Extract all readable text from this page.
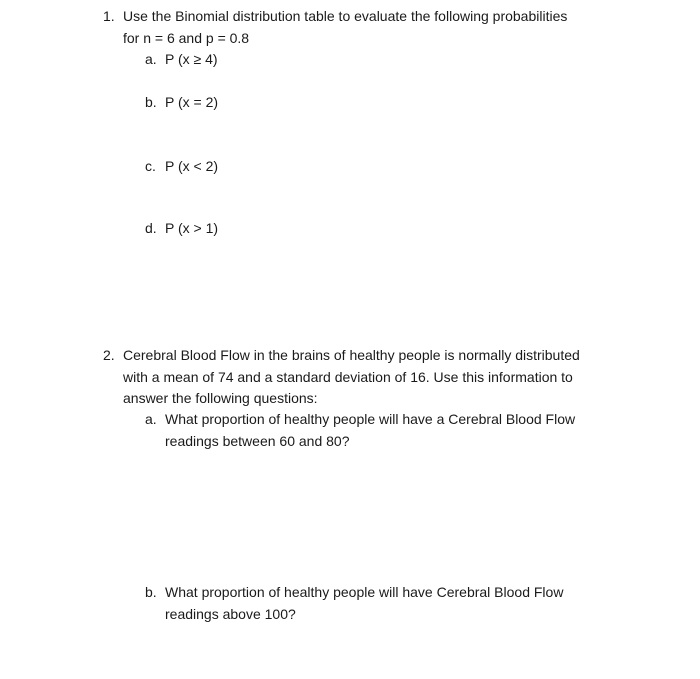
1. Use the Binomial distribution table to evaluate the following probabilities
for n = 6 and p = 0.8
a. P (x ≥ 4)
b. P (x = 2)
c. P (x < 2)
d. P (x > 1)
2. Cerebral Blood Flow in the brains of healthy people is normally distributed
with a mean of 74 and a standard deviation of 16. Use this information to
answer the following questions:
a. What proportion of healthy people will have a Cerebral Blood Flow
readings between 60 and 80?
b. What proportion of healthy people will have Cerebral Blood Flow
readings above 100?
